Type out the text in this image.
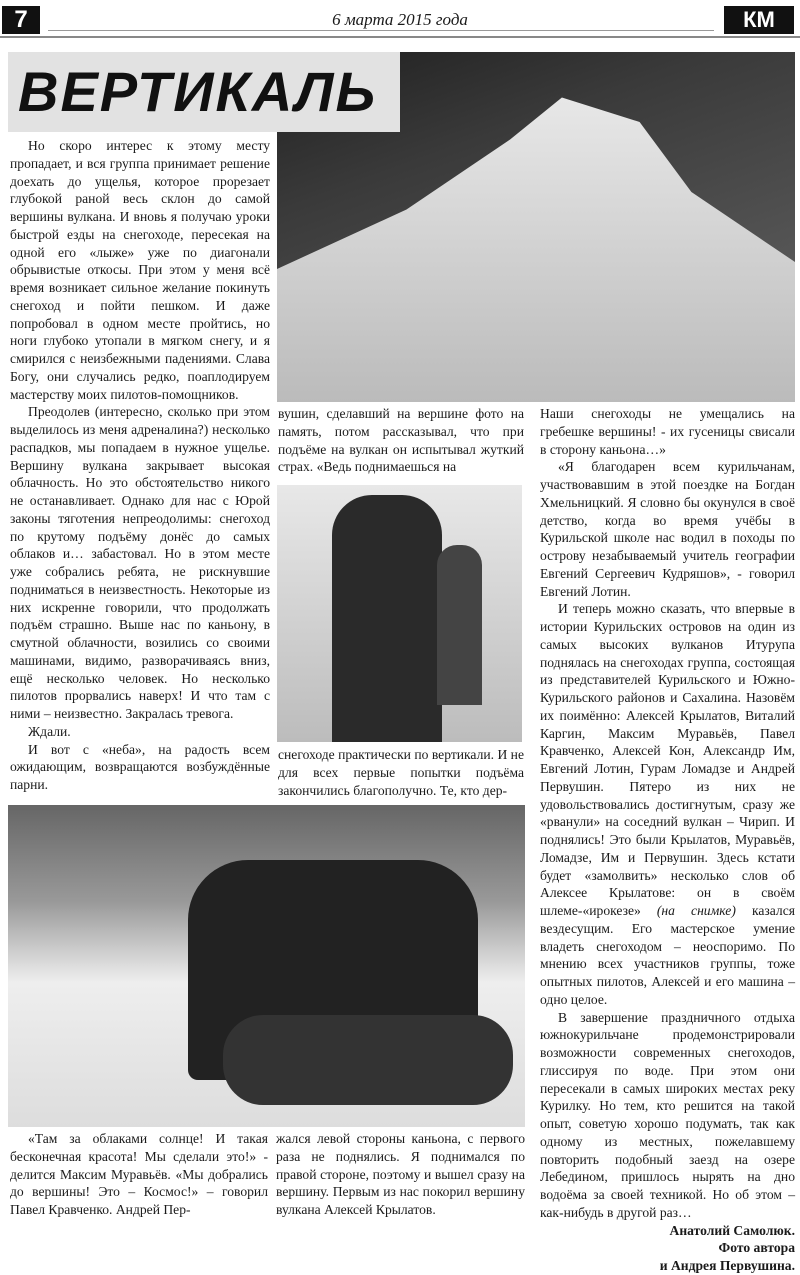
7	6 марта 2015 года	КМ
ВЕРТИКАЛЬ

Но скоро интерес к этому месту пропадает, и вся группа принимает решение доехать до ущелья, которое прорезает глубокой раной весь склон до самой вершины вулкана. И вновь я получаю уроки быстрой езды на снегоходе, пересекая на одной его «лыже» уже по диагонали обрывистые откосы. При этом у меня всё время возникает сильное желание покинуть снегоход и пойти пешком. И даже попробовал в одном месте пройтись, но ноги глубоко утопали в мягком снегу, и я смирился с неизбежными падениями. Слава Богу, они случались редко, поаплодируем мастерству моих пилотов-помощников.

Преодолев (интересно, сколько при этом выделилось из меня адреналина?) несколько распадков, мы попадаем в нужное ущелье. Вершину вулкана закрывает высокая облачность. Но это обстоятельство никого не останавливает. Однако для нас с Юрой законы тяготения непреодолимы: снегоход по крутому подъёму донёс до самых облаков и… забастовал. Но в этом месте уже собрались ребята, не рискнувшие подниматься в неизвестность. Некоторые из них искренне говорили, что продолжать подъём страшно. Выше нас по каньону, в смутной облачности, возились со своими машинами, видимо, разворачиваясь вниз, ещё несколько человек. Но несколько пилотов прорвались наверх! И что там с ними – неизвестно. Закралась тревога.

Ждали.

И вот с «неба», на радость всем ожидающим, возвращаются возбуждённые парни.

«Там за облаками солнце! И такая бесконечная красота! Мы сделали это!» - делится Максим Муравьёв. «Мы добрались до вершины! Это – Космос!» – говорил Павел Кравченко. Андрей Пер-

вушин, сделавший на вершине фото на память, потом рассказывал, что при подъёме на вулкан он испытывал жуткий страх. «Ведь поднимаешься на

снегоходе практически по вертикали. И не для всех первые попытки подъёма закончились благополучно. Те, кто дер-

жался левой стороны каньона, с первого раза не поднялись. Я поднимался по правой стороне, поэтому и вышел сразу на вершину. Первым из нас покорил вершину вулкана Алексей Крылатов.

Наши снегоходы не умещались на гребешке вершины! - их гусеницы свисали в сторону каньона…»

«Я благодарен всем курильчанам, участвовавшим в этой поездке на Богдан Хмельницкий. Я словно бы окунулся в своё детство, когда во время учёбы в Курильской школе нас водил в походы по острову незабываемый учитель географии Евгений Сергеевич Кудряшов», - говорил Евгений Лотин.

И теперь можно сказать, что впервые в истории Курильских островов на один из самых высоких вулканов Итурупа поднялась на снегоходах группа, состоящая из представителей Курильского и Южно-Курильского районов и Сахалина. Назовём их поимённо: Алексей Крылатов, Виталий Каргин, Максим Муравьёв, Павел Кравченко, Алексей Кон, Александр Им, Евгений Лотин, Гурам Ломадзе и Андрей Первушин. Пятеро из них не удовольствовались достигнутым, сразу же «рванули» на соседний вулкан – Чирип. И поднялись! Это были Крылатов, Муравьёв, Ломадзе, Им и Первушин. Здесь кстати будет «замолвить» несколько слов об Алексее Крылатове: он в своём шлеме-«ирокезе» (на снимке) казался вездесущим. Его мастерское умение владеть снегоходом – неоспоримо. По мнению всех участников группы, тоже опытных пилотов, Алексей и его машина – одно целое.

В завершение праздничного отдыха южнокурильчане продемонстрировали возможности современных снегоходов, глиссируя по воде. При этом они пересекали в самых широких местах реку Курилку. Но тем, кто решится на такой опыт, советую хорошо подумать, так как одному из местных, пожелавшему повторить подобный заезд на озере Лебедином, пришлось нырять на дно водоёма за своей техникой. Но об этом – как-нибудь в другой раз…

Анатолий Самолюк.

Фото автора

и Андрея Первушина.
